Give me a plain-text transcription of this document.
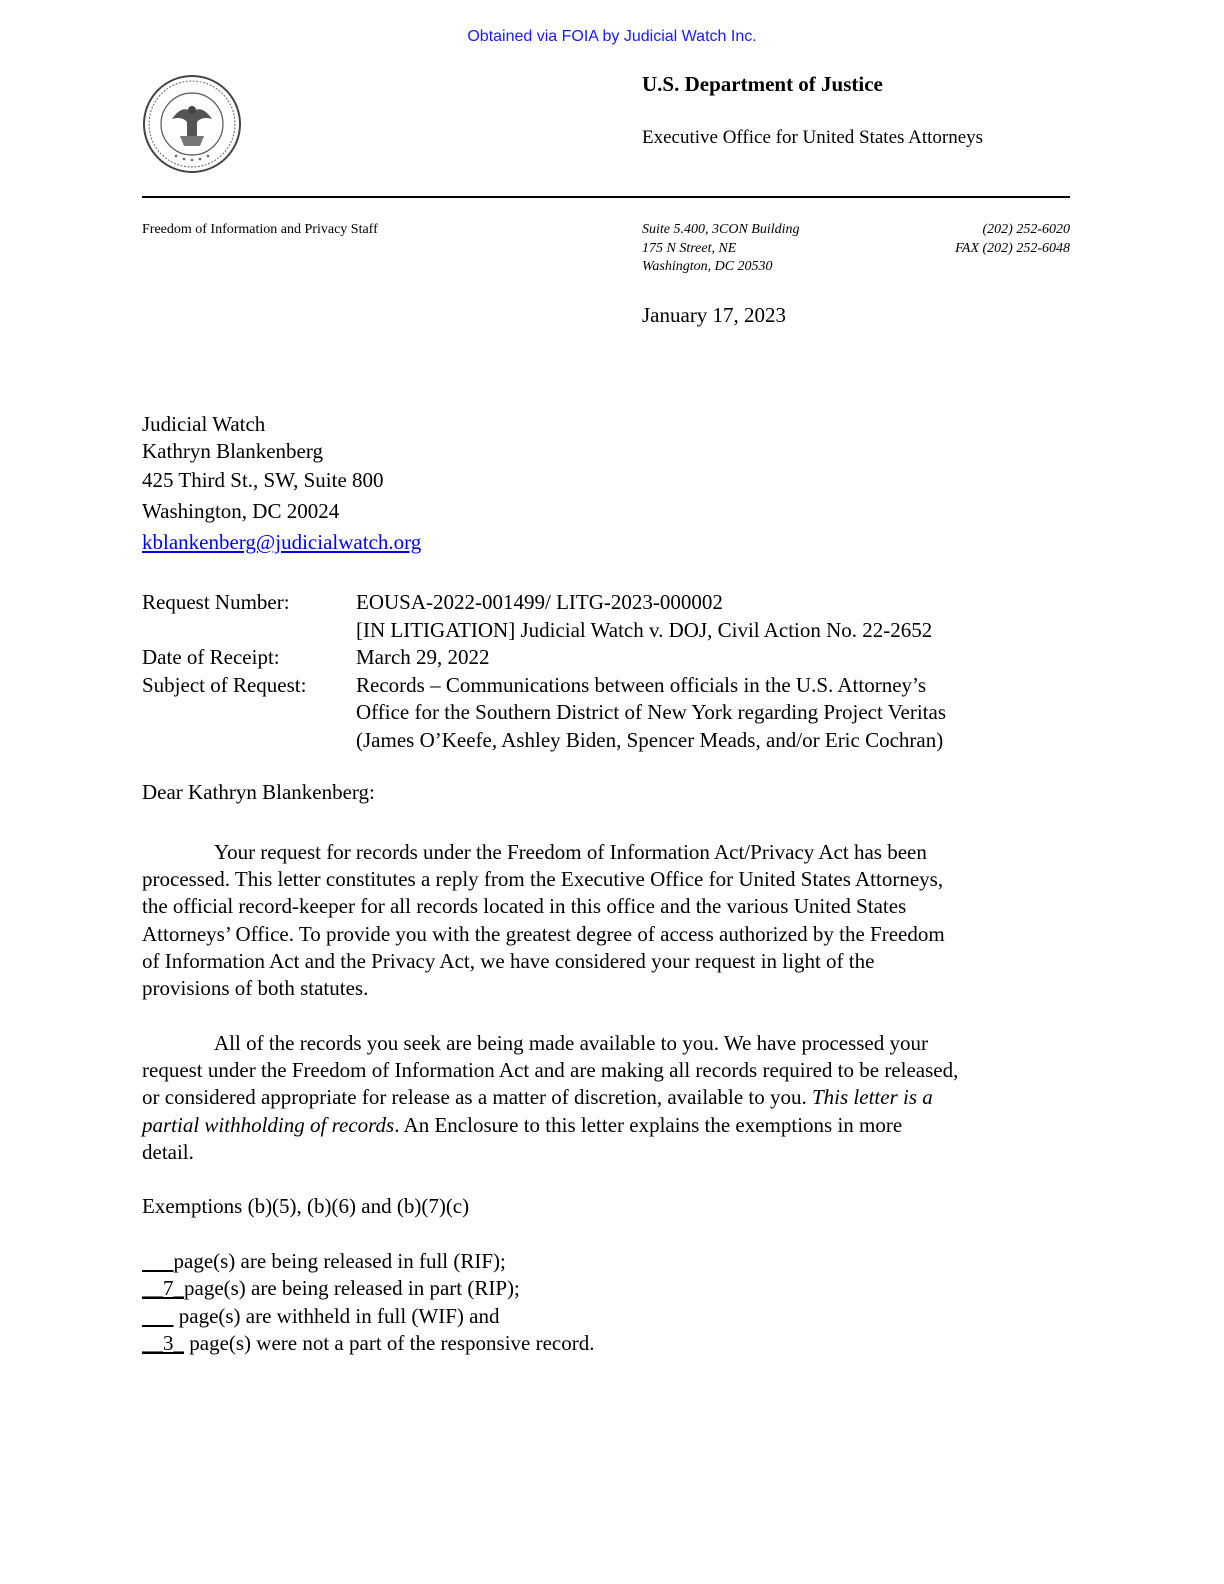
Obtained via FOIA by Judicial Watch Inc.
U.S. Department of Justice
Executive Office for United States Attorneys
Freedom of Information and Privacy Staff	Suite 5.400, 3CON Building
175 N Street, NE
Washington, DC 20530
(202) 252-6020
FAX (202) 252-6048
January 17, 2023
Judicial Watch
Kathryn Blankenberg
425 Third St., SW, Suite 800
Washington, DC 20024
kblankenberg@judicialwatch.org
Request Number:	EOUSA-2022-001499/ LITG-2023-000002
[IN LITIGATION] Judicial Watch v. DOJ, Civil Action No. 22-2652
Date of Receipt:	March 29, 2022
Subject of Request:	Records – Communications between officials in the U.S. Attorney’s
Office for the Southern District of New York regarding Project Veritas
(James O’Keefe, Ashley Biden, Spencer Meads, and/or Eric Cochran)
Dear Kathryn Blankenberg:
Your request for records under the Freedom of Information Act/Privacy Act has been
processed. This letter constitutes a reply from the Executive Office for United States Attorneys,
the official record-keeper for all records located in this office and the various United States
Attorneys’ Office. To provide you with the greatest degree of access authorized by the Freedom
of Information Act and the Privacy Act, we have considered your request in light of the
provisions of both statutes.
All of the records you seek are being made available to you. We have processed your
request under the Freedom of Information Act and are making all records required to be released,
or considered appropriate for release as a matter of discretion, available to you. This letter is a
partial withholding of records. An Enclosure to this letter explains the exemptions in more
detail.
Exemptions (b)(5), (b)(6) and (b)(7)(c)
page(s) are being released in full (RIF);
__7_page(s) are being released in part (RIP);
page(s) are withheld in full (WIF) and
__3_ page(s) were not a part of the responsive record.
